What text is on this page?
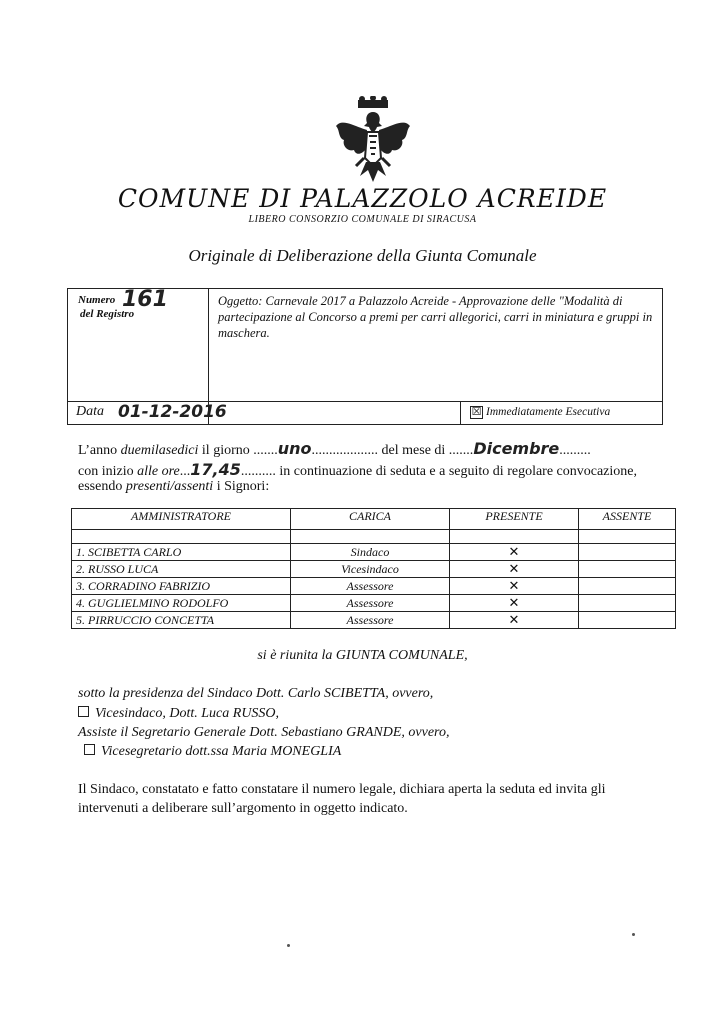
COMUNE DI PALAZZOLO ACREIDE
LIBERO CONSORZIO COMUNALE DI SIRACUSA
Originale di Deliberazione della Giunta Comunale
Numero 161
del Registro
Oggetto: Carnevale 2017 a Palazzolo Acreide - Approvazione delle "Modalità di partecipazione al Concorso a premi per carri allegorici, carri in miniatura e gruppi in maschera.
Data 01-12-2016	☒ Immediatamente Esecutiva
L’anno duemilasedici il giorno .......uno................... del mese di .......Dicembre.........
con inizio alle ore...17,45.......... in continuazione di seduta e a seguito di regolare convocazione,
essendo presenti/assenti i Signori:
AMMINISTRATORE	CARICA	PRESENTE	ASSENTE

1. SCIBETTA CARLO	Sindaco	✕	
2. RUSSO LUCA	Vicesindaco	✕	
3. CORRADINO FABRIZIO	Assessore	✕	
4. GUGLIELMINO RODOLFO	Assessore	✕	
5. PIRRUCCIO CONCETTA	Assessore	✕	
si è riunita la GIUNTA COMUNALE,
sotto la presidenza del Sindaco Dott. Carlo SCIBETTA, ovvero,
Vicesindaco, Dott. Luca RUSSO,
Assiste il Segretario Generale Dott. Sebastiano GRANDE, ovvero,
Vicesegretario dott.ssa Maria MONEGLIA
Il Sindaco, constatato e fatto constatare il numero legale, dichiara aperta la seduta ed invita gli intervenuti a deliberare sull’argomento in oggetto indicato.
